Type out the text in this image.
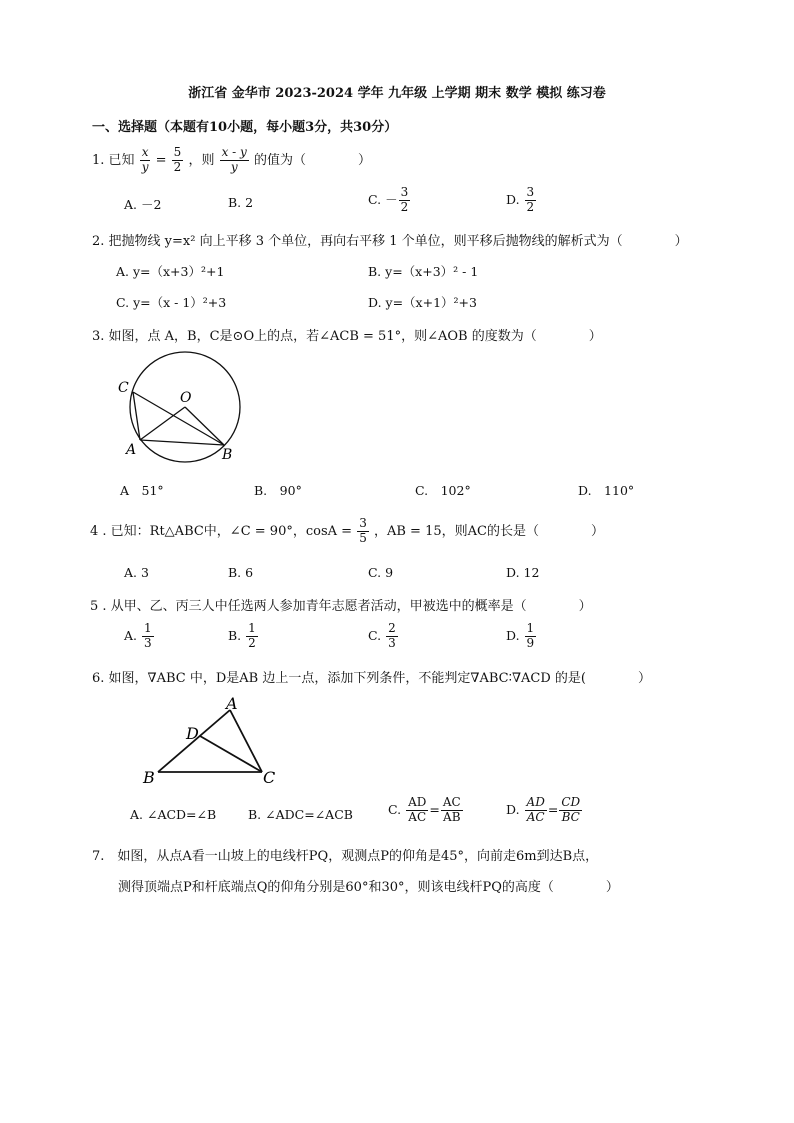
浙江省 金华市 2023-2024 学年 九年级 上学期 期末 数学 模拟 练习卷
一、选择题（本题有10小题，每小题3分，共30分）
1. 已知 $\frac{x}{y} = \frac{5}{2}$ ，则 $\frac{x - y}{y}$ 的值为（　　　　）
A. －2	B. 2	C. － $\frac{3}{2}$	D. $\frac{3}{2}$
2. 把抛物线 y=x² 向上平移 3 个单位，再向右平移 1 个单位，则平移后抛物线的解析式为（　　　　）
A. y=（x+3）²+1	B. y=（x+3）² - 1
C. y=（x - 1）²+3	D. y=（x+1）²+3
3. 如图，点 A，B，C是⊙O上的点，若∠ACB = 51°，则∠AOB 的度数为（　　　　）
C
O
A	B
A　51°	B.　90°	C.　102°	D.　110°
4 . 已知：Rt△ABC中，∠C = 90°，$\cos A = \frac{3}{5}$ ，AB = 15，则AC的长是（　　　　）
A. 3	B. 6	C. 9	D. 12
5 . 从甲、乙、丙三人中任选两人参加青年志愿者活动，甲被选中的概率是（　　　　）
A. $\frac{1}{3}$	B. $\frac{1}{2}$	C. $\frac{2}{3}$	D. $\frac{1}{9}$
6. 如图，∇ABC 中，D是AB 边上一点，添加下列条件，不能判定∇ABC∶∇ACD 的是(　　　　）
A
D
B	C
A. ∠ACD=∠B	B. ∠ADC=∠ACB	C. $\frac{AD}{AC} = \frac{AC}{AB}$	D. $\frac{AD}{AC} = \frac{CD}{BC}$
7.　如图，从点A看一山坡上的电线杆PQ，观测点P的仰角是45°，向前走6m到达B点，
测得顶端点P和杆底端点Q的仰角分别是60°和30°，则该电线杆PQ的高度（　　　　）
